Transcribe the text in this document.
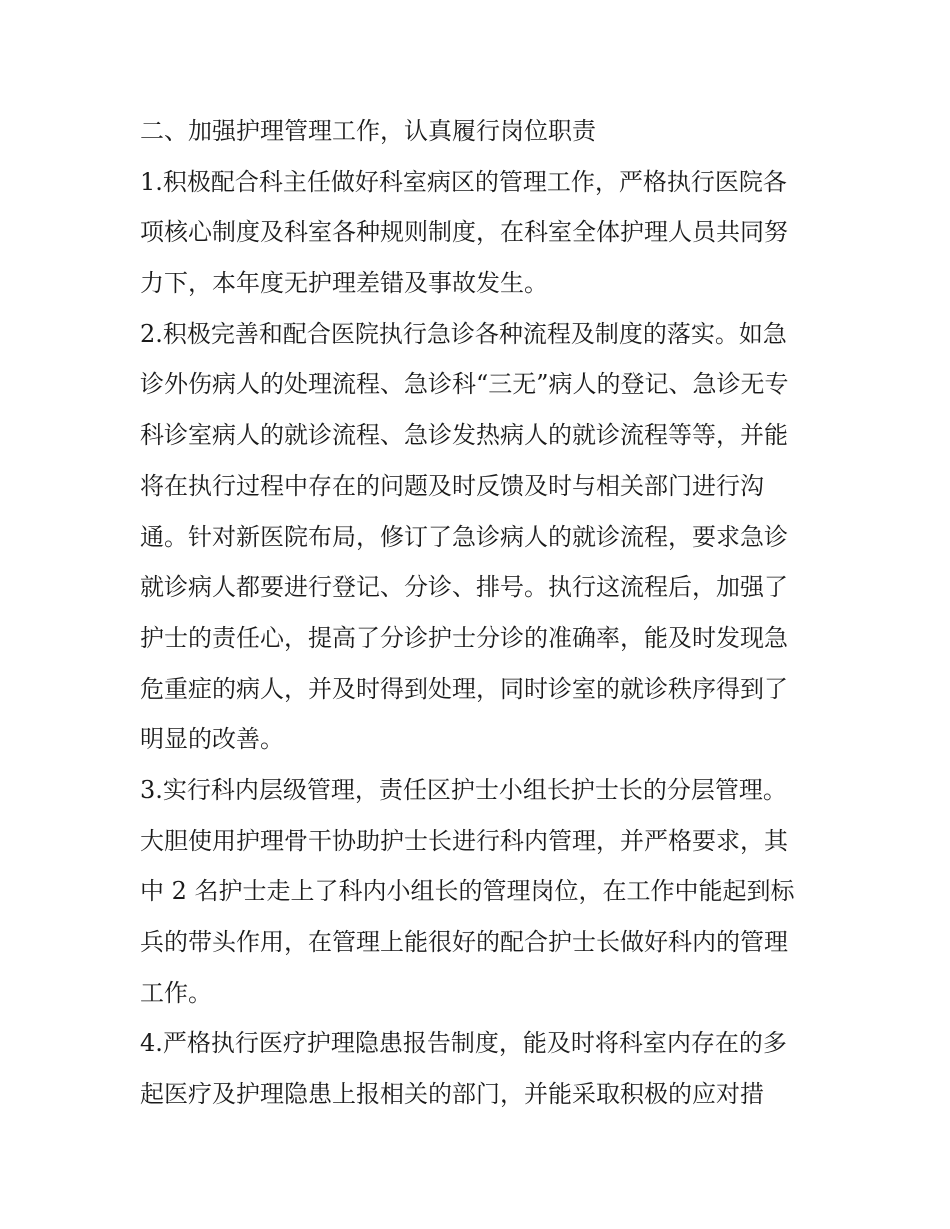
二、加强护理管理工作，认真履行岗位职责

1.积极配合科主任做好科室病区的管理工作，严格执行医院各

项核心制度及科室各种规则制度，在科室全体护理人员共同努

力下，本年度无护理差错及事故发生。

2.积极完善和配合医院执行急诊各种流程及制度的落实。如急

诊外伤病人的处理流程、急诊科“三无”病人的登记、急诊无专

科诊室病人的就诊流程、急诊发热病人的就诊流程等等，并能

将在执行过程中存在的问题及时反馈及时与相关部门进行沟

通。针对新医院布局，修订了急诊病人的就诊流程，要求急诊

就诊病人都要进行登记、分诊、排号。执行这流程后，加强了

护士的责任心，提高了分诊护士分诊的准确率，能及时发现急

危重症的病人，并及时得到处理，同时诊室的就诊秩序得到了

明显的改善。

3.实行科内层级管理，责任区护士小组长护士长的分层管理。

大胆使用护理骨干协助护士长进行科内管理，并严格要求，其

中 2 名护士走上了科内小组长的管理岗位，在工作中能起到标

兵的带头作用，在管理上能很好的配合护士长做好科内的管理

工作。

4.严格执行医疗护理隐患报告制度，能及时将科室内存在的多

起医疗及护理隐患上报相关的部门，并能采取积极的应对措
